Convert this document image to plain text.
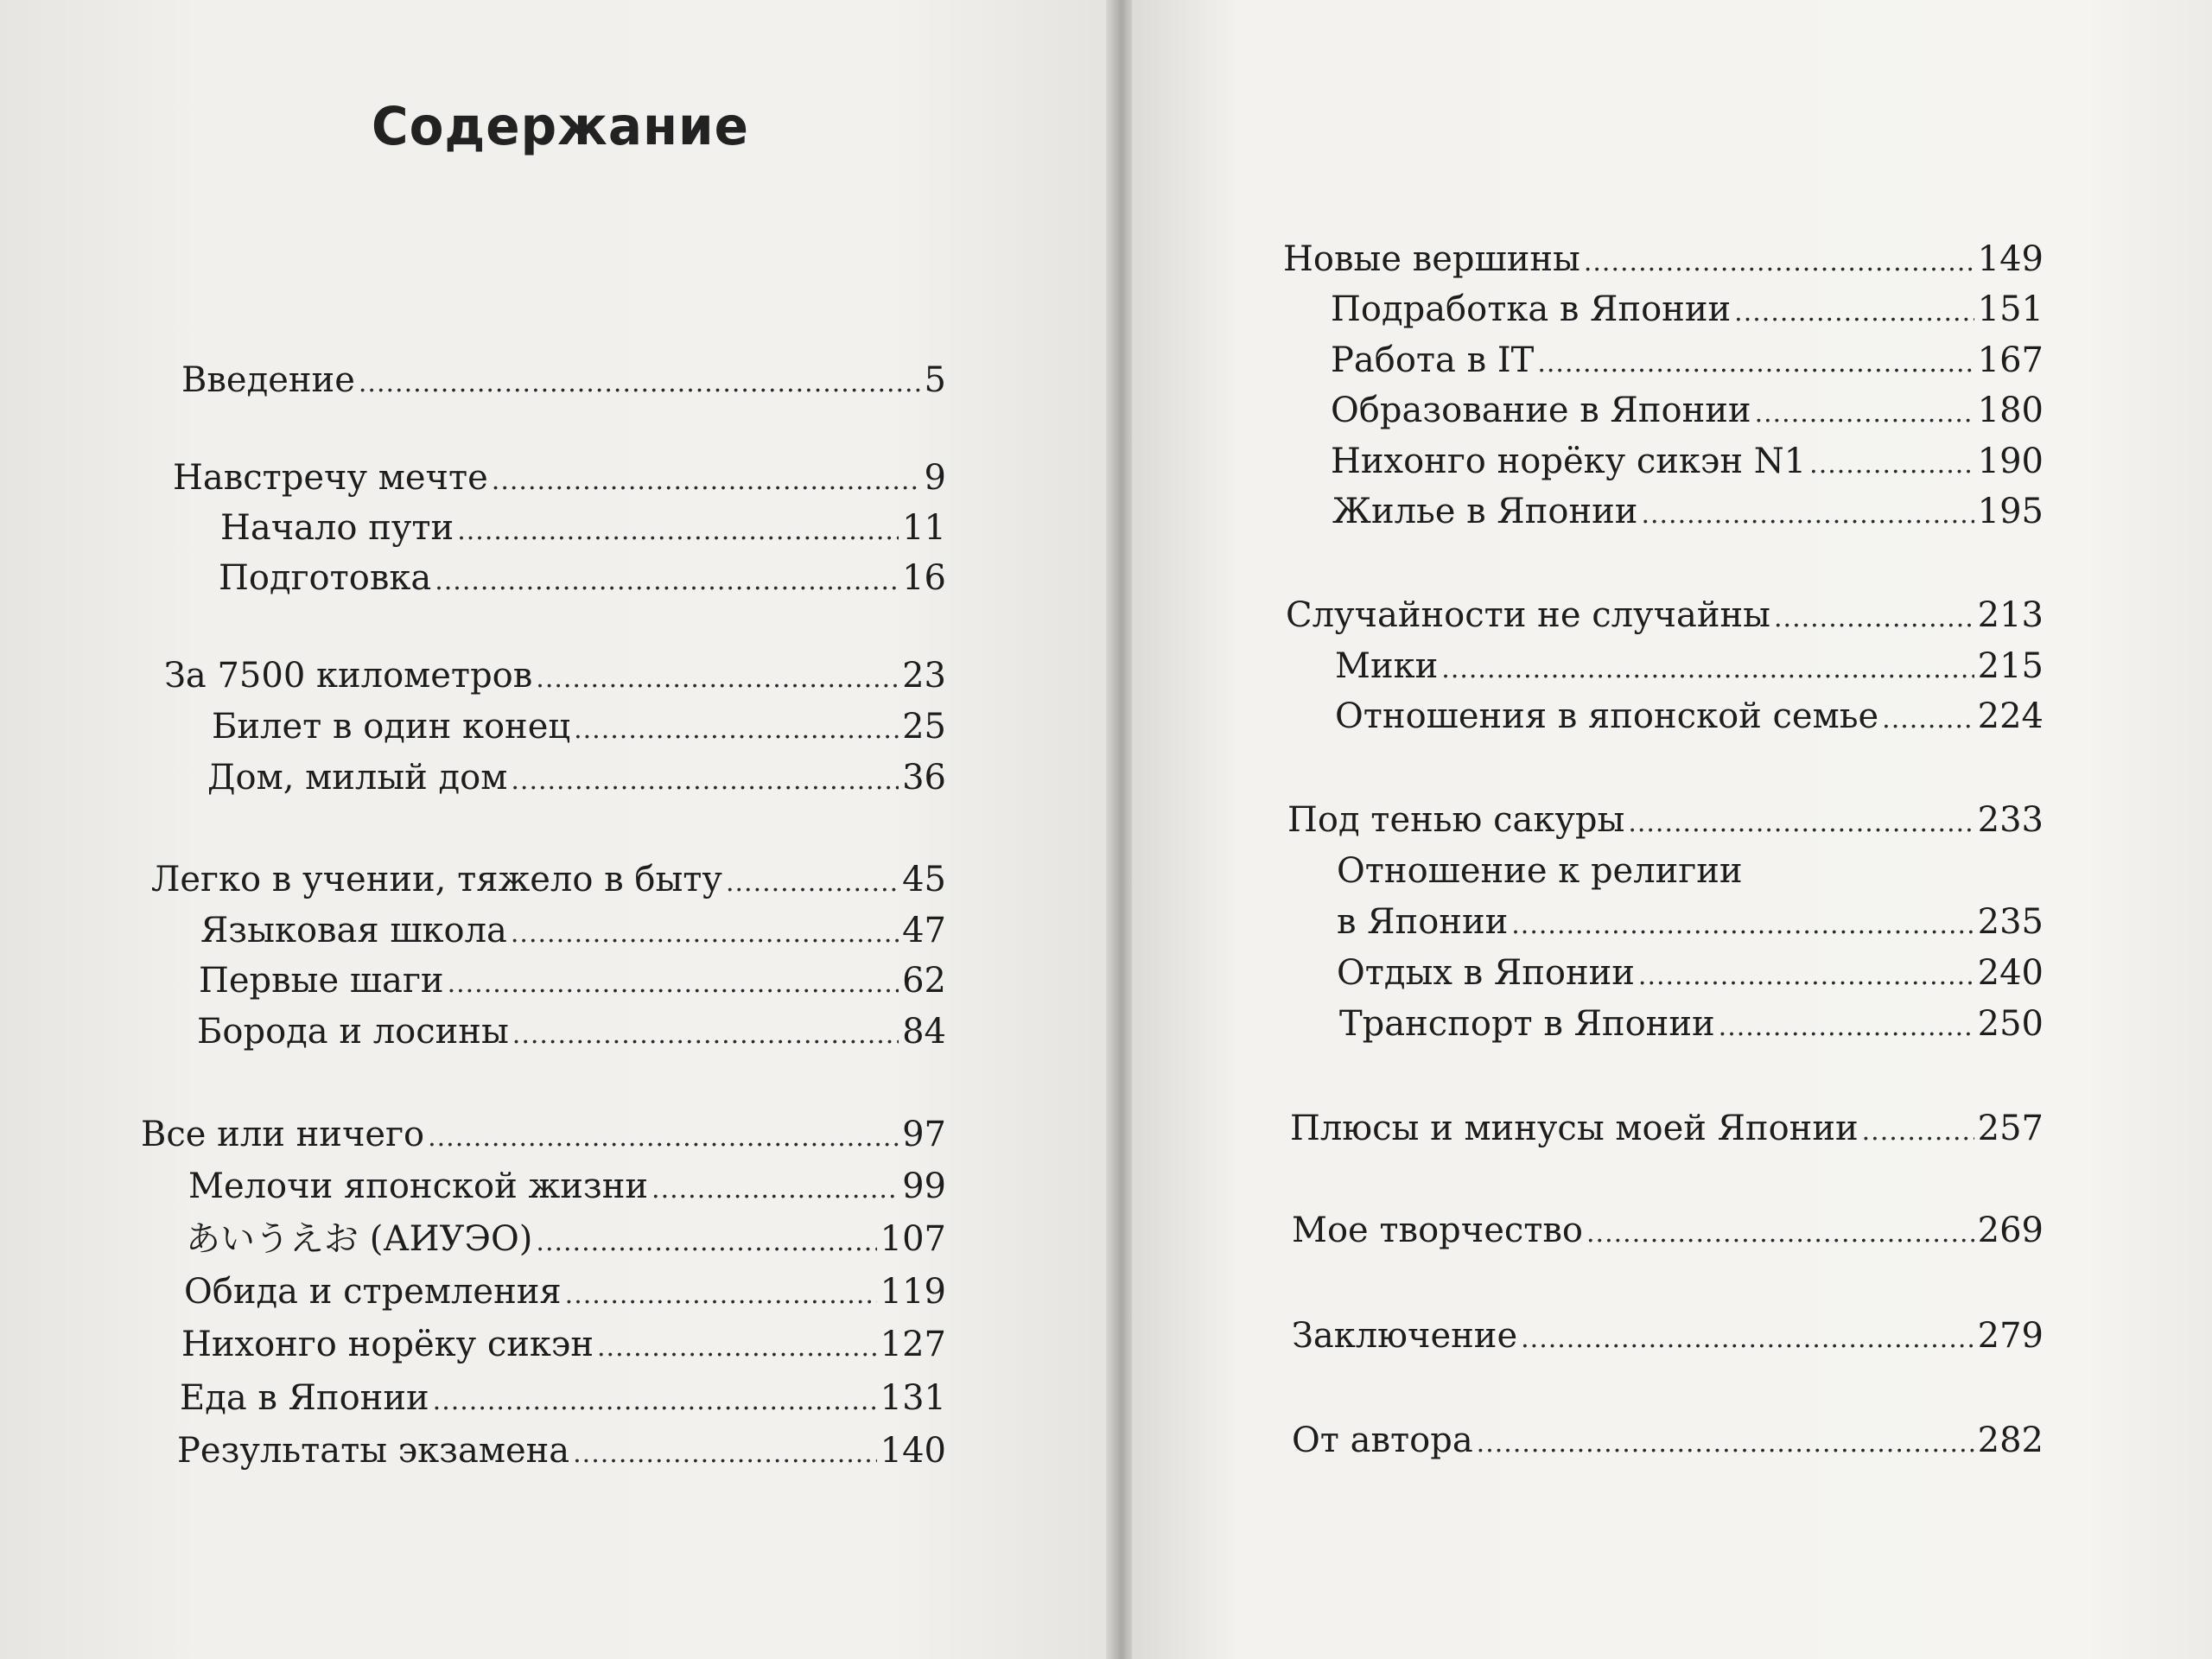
Содержание
Введение .....	5
Навстречу мечте .....	9
Начало пути .....	11
Подготовка .....	16
За 7500 километров .....	23
Билет в один конец .....	25
Дом, милый дом .....	36
Легко в учении, тяжело в быту .....	45
Языковая школа .....	47
Первые шаги .....	62
Борода и лосины .....	84
Все или ничего .....	97
Мелочи японской жизни .....	99
あいうえお (АИУЭО) .....	107
Обида и стремления .....	119
Нихонго норёку сикэн .....	127
Еда в Японии .....	131
Результаты экзамена .....	140
Новые вершины .....	149
Подработка в Японии .....	151
Работа в IT .....	167
Образование в Японии .....	180
Нихонго норёку сикэн N1 .....	190
Жилье в Японии .....	195
Случайности не случайны .....	213
Мики .....	215
Отношения в японской семье .....	224
Под тенью сакуры .....	233
Отношение к религии
в Японии .....	235
Отдых в Японии .....	240
Транспорт в Японии .....	250
Плюсы и минусы моей Японии .....	257
Мое творчество .....	269
Заключение .....	279
От автора .....	282
